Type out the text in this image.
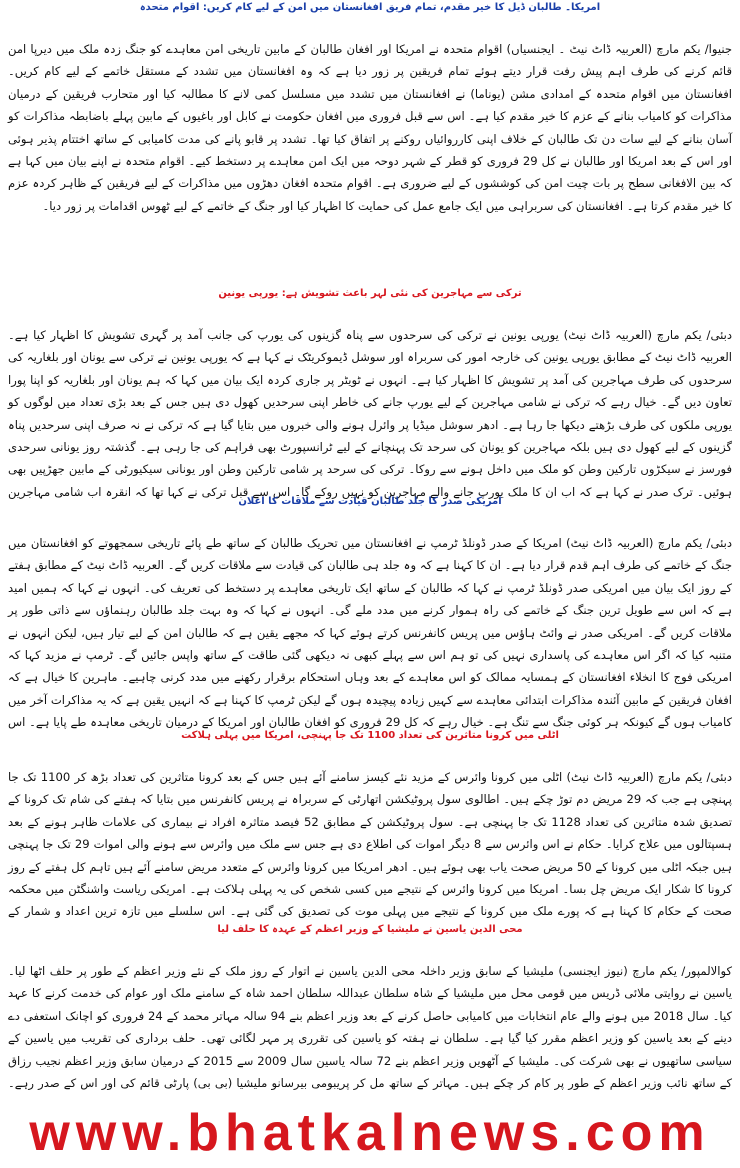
امریکا۔ طالبان ڈیل کا خیر مقدم، تمام فریق افغانستان میں امن کے لیے کام کریں: اقوام متحدہ

جنیوا/ یکم مارچ (العربیہ ڈاٹ نیٹ ۔ ایجنسیاں) اقوام متحدہ نے امریکا اور افغان طالبان کے مابین تاریخی امن معاہدے کو جنگ زدہ ملک میں دیرپا امن قائم کرنے کی طرف اہم پیش رفت قرار دیتے ہوئے تمام فریقین پر زور دیا ہے کہ وہ افغانستان میں تشدد کے مستقل خاتمے کے لیے کام کریں۔ افغانستان میں اقوام متحدہ کے امدادی مشن (یوناما) نے افغانستان میں تشدد میں مسلسل کمی لانے کا مطالبہ کیا اور متحارب فریقین کے درمیان مذاکرات کو کامیاب بنانے کے عزم کا خیر مقدم کیا ہے۔ اس سے قبل فروری میں افغان حکومت نے کابل اور باغیوں کے مابین پہلے باضابطہ مذاکرات کو آسان بنانے کے لیے سات دن تک طالبان کے خلاف اپنی کارروائیاں روکنے پر اتفاق کیا تھا۔ تشدد پر قابو پانے کی مدت کامیابی کے ساتھ اختتام پذیر ہوئی اور اس کے بعد امریکا اور طالبان نے کل 29 فروری کو قطر کے شہر دوحہ میں ایک امن معاہدے پر دستخط کیے۔ اقوام متحدہ نے اپنے بیان میں کہا ہے کہ بین الافغانی سطح پر بات چیت امن کی کوششوں کے لیے ضروری ہے۔ اقوام متحدہ افغان دھڑوں میں مذاکرات کے لیے فریقین کے ظاہر کردہ عزم کا خیر مقدم کرتا ہے۔ افغانستان کی سربراہی میں ایک جامع عمل کی حمایت کا اظہار کیا اور جنگ کے خاتمے کے لیے ٹھوس اقدامات پر زور دیا۔

ترکی سے مہاجرین کی نئی لہر باعث تشویش ہے: یورپی یونین

دبئی/ یکم مارچ (العربیہ ڈاٹ نیٹ) یورپی یونین نے ترکی کی سرحدوں سے پناہ گزینوں کی یورپ کی جانب آمد پر گہری تشویش کا اظہار کیا ہے۔ العربیہ ڈاٹ نیٹ کے مطابق یورپی یونین کی خارجہ امور کی سربراہ اور سوشل ڈیموکریٹک نے کہا ہے کہ یورپی یونین نے ترکی سے یونان اور بلغاریہ کی سرحدوں کی طرف مہاجرین کی آمد پر تشویش کا اظہار کیا ہے۔ انہوں نے ٹویٹر پر جاری کردہ ایک بیان میں کہا کہ ہم یونان اور بلغاریہ کو اپنا پورا تعاون دیں گے۔ خیال رہے کہ ترکی نے شامی مہاجرین کے لیے یورپ جانے کی خاطر اپنی سرحدیں کھول دی ہیں جس کے بعد بڑی تعداد میں لوگوں کو یورپی ملکوں کی طرف بڑھتے دیکھا جا رہا ہے۔ ادھر سوشل میڈیا پر وائرل ہونے والی خبروں میں بتایا گیا ہے کہ ترکی نے نہ صرف اپنی سرحدیں پناہ گزینوں کے لیے کھول دی ہیں بلکہ مہاجرین کو یونان کی سرحد تک پہنچانے کے لیے ٹرانسپورٹ بھی فراہم کی جا رہی ہے۔ گذشتہ روز یونانی سرحدی فورسز نے سیکڑوں تارکین وطن کو ملک میں داخل ہونے سے روکا۔ ترکی کی سرحد پر شامی تارکین وطن اور یونانی سیکیورٹی کے مابین جھڑپیں بھی ہوئیں۔ ترک صدر نے کہا ہے کہ اب ان کا ملک یورپ جانے والے مہاجرین کو نہیں روکے گا۔ اس سے قبل ترکی نے کہا تھا کہ انقرہ اب شامی مہاجرین

امریکی صدر کا جلد طالبان قیادت سے ملاقات کا اعلان

دبئی/ یکم مارچ (العربیہ ڈاٹ نیٹ) امریکا کے صدر ڈونلڈ ٹرمپ نے افغانستان میں تحریک طالبان کے ساتھ طے پائے تاریخی سمجھوتے کو افغانستان میں جنگ کے خاتمے کی طرف اہم قدم قرار دیا ہے۔ ان کا کہنا ہے کہ وہ جلد ہی طالبان کی قیادت سے ملاقات کریں گے۔ العربیہ ڈاٹ نیٹ کے مطابق ہفتے کے روز ایک بیان میں امریکی صدر ڈونلڈ ٹرمپ نے کہا کہ طالبان کے ساتھ ایک تاریخی معاہدے پر دستخط کی تعریف کی۔ انہوں نے کہا کہ ہمیں امید ہے کہ اس سے طویل ترین جنگ کے خاتمے کی راہ ہموار کرنے میں مدد ملے گی۔ انہوں نے کہا کہ وہ بہت جلد طالبان رہنماؤں سے ذاتی طور پر ملاقات کریں گے۔ امریکی صدر نے وائٹ ہاؤس میں پریس کانفرنس کرتے ہوئے کہا کہ مجھے یقین ہے کہ طالبان امن کے لیے تیار ہیں، لیکن انہوں نے متنبہ کیا کہ اگر اس معاہدے کی پاسداری نہیں کی تو ہم اس سے پہلے کبھی نہ دیکھی گئی طاقت کے ساتھ واپس جائیں گے۔ ٹرمپ نے مزید کہا کہ امریکی فوج کا انخلاء افغانستان کے ہمسایہ ممالک کو اس معاہدے کے بعد وہاں استحکام برقرار رکھنے میں مدد کرنی چاہیے۔ ماہرین کا خیال ہے کہ افغان فریقین کے مابین آئندہ مذاکرات ابتدائی معاہدے سے کہیں زیادہ پیچیدہ ہوں گے لیکن ٹرمپ کا کہنا ہے کہ انہیں یقین ہے کہ یہ مذاکرات آخر میں کامیاب ہوں گے کیونکہ ہر کوئی جنگ سے تنگ ہے۔ خیال رہے کہ کل 29 فروری کو افغان طالبان اور امریکا کے درمیان تاریخی معاہدہ طے پایا ہے۔ اس

اٹلی میں کرونا متاثرین کی تعداد 1100 تک جا پہنچی، امریکا میں پہلی ہلاکت

دبئی/ یکم مارچ (العربیہ ڈاٹ نیٹ) اٹلی میں کرونا وائرس کے مزید نئے کیسز سامنے آئے ہیں جس کے بعد کرونا متاثرین کی تعداد بڑھ کر 1100 تک جا پہنچی ہے جب کہ 29 مریض دم توڑ چکے ہیں۔ اطالوی سول پروٹیکشن اتھارٹی کے سربراہ نے پریس کانفرنس میں بتایا کہ ہفتے کی شام تک کرونا کے تصدیق شدہ متاثرین کی تعداد 1128 تک جا پہنچی ہے۔ سول پروٹیکشن کے مطابق 52 فیصد متاثرہ افراد نے بیماری کی علامات ظاہر ہونے کے بعد ہسپتالوں میں علاج کرایا۔ حکام نے اس وائرس سے 8 دیگر اموات کی اطلاع دی ہے جس سے ملک میں وائرس سے ہونے والی اموات 29 تک جا پہنچی ہیں جبکہ اٹلی میں کرونا کے 50 مریض صحت یاب بھی ہوئے ہیں۔ ادھر امریکا میں کرونا وائرس کے متعدد مریض سامنے آئے ہیں تاہم کل ہفتے کے روز کرونا کا شکار ایک مریض چل بسا۔ امریکا میں کرونا وائرس کے نتیجے میں کسی شخص کی یہ پہلی ہلاکت ہے۔ امریکی ریاست واشنگٹن میں محکمہ صحت کے حکام کا کہنا ہے کہ پورے ملک میں کرونا کے نتیجے میں پہلی موت کی تصدیق کی گئی ہے۔ اس سلسلے میں تازہ ترین اعداد و شمار کے

محی الدین یاسین نے ملیشیا کے وزیر اعظم کے عہدہ کا حلف لیا

کوالالمپور/ یکم مارچ (نیوز ایجنسی) ملیشیا کے سابق وزیر داخلہ محی الدین یاسین نے اتوار کے روز ملک کے نئے وزیر اعظم کے طور پر حلف اٹھا لیا۔ یاسین نے روایتی ملائی ڈریس میں قومی محل میں ملیشیا کے شاہ سلطان عبداللہ سلطان احمد شاہ کے سامنے ملک اور عوام کی خدمت کرنے کا عہد کیا۔ سال 2018 میں ہونے والے عام انتخابات میں کامیابی حاصل کرنے کے بعد وزیر اعظم بنے 94 سالہ مہاتر محمد کے 24 فروری کو اچانک استعفی دے دینے کے بعد یاسین کو وزیر اعظم مقرر کیا گیا ہے۔ سلطان نے ہفتہ کو یاسین کی تقرری پر مہر لگائی تھی۔ حلف برداری کی تقریب میں یاسین کے سیاسی ساتھیوں نے بھی شرکت کی۔ ملیشیا کے آٹھویں وزیر اعظم بنے 72 سالہ یاسین سال 2009 سے 2015 کے درمیان سابق وزیر اعظم نجیب رزاق کے ساتھ نائب وزیر اعظم کے طور پر کام کر چکے ہیں۔ مہاتر کے ساتھ مل کر پریبومی بیرسانو ملیشیا (بی بی) پارٹی قائم کی اور اس کے صدر رہے۔

www.bhatkalnews.com
